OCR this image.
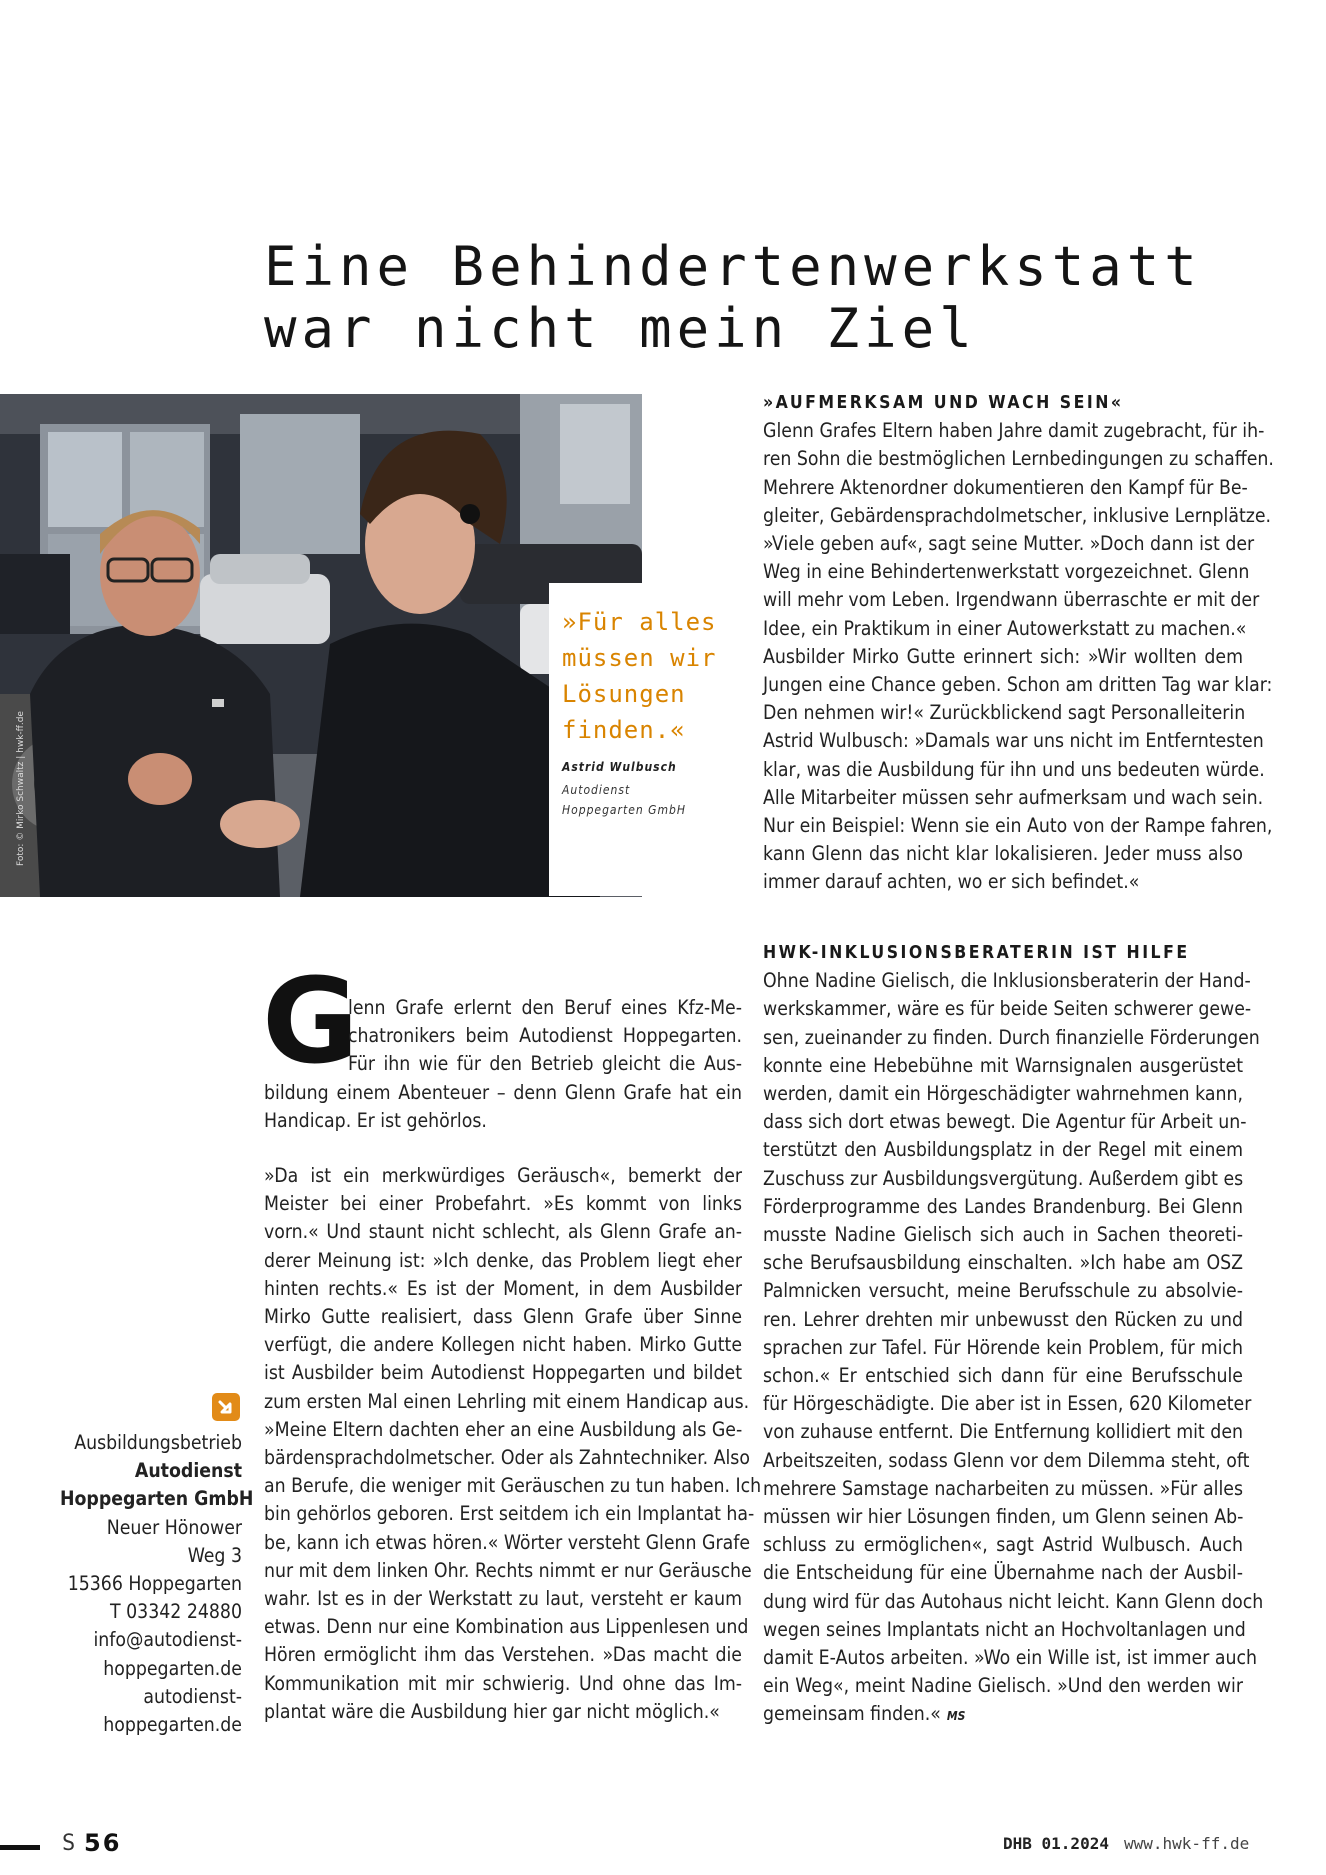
Eine Behindertenwerkstatt
war nicht mein Ziel
Foto: © Mirko Schwaltz | hwk-ff.de

»Für alles
müssen wir
Lösungen
finden.«

Astrid Wulbusch
Autodienst
Hoppegarten GmbH
»AUFMERKSAM UND WACH SEIN«
Glenn Grafes Eltern haben Jahre damit zugebracht, für ih-
ren Sohn die bestmöglichen Lernbedingungen zu schaffen.
Mehrere Aktenordner dokumentieren den Kampf für Be-
gleiter, Gebärdensprachdolmetscher, inklusive Lernplätze.
»Viele geben auf«, sagt seine Mutter. »Doch dann ist der
Weg in eine Behindertenwerkstatt vorgezeichnet. Glenn
will mehr vom Leben. Irgendwann überraschte er mit der
Idee, ein Praktikum in einer Autowerkstatt zu machen.«
Ausbilder Mirko Gutte erinnert sich: »Wir wollten dem
Jungen eine Chance geben. Schon am dritten Tag war klar:
Den nehmen wir!« Zurückblickend sagt Personalleiterin
Astrid Wulbusch: »Damals war uns nicht im Entferntesten
klar, was die Ausbildung für ihn und uns bedeuten würde.
Alle Mitarbeiter müssen sehr aufmerksam und wach sein.
Nur ein Beispiel: Wenn sie ein Auto von der Rampe fahren,
kann Glenn das nicht klar lokalisieren. Jeder muss also
immer darauf achten, wo er sich befindet.«
HWK-INKLUSIONSBERATERIN IST HILFE
Ohne Nadine Gielisch, die Inklusionsberaterin der Hand-
werkskammer, wäre es für beide Seiten schwerer gewe-
sen, zueinander zu finden. Durch finanzielle Förderungen
konnte eine Hebebühne mit Warnsignalen ausgerüstet
werden, damit ein Hörgeschädigter wahrnehmen kann,
dass sich dort etwas bewegt. Die Agentur für Arbeit un-
terstützt den Ausbildungsplatz in der Regel mit einem
Zuschuss zur Ausbildungsvergütung. Außerdem gibt es
Förderprogramme des Landes Brandenburg. Bei Glenn
musste Nadine Gielisch sich auch in Sachen theoreti-
sche Berufsausbildung einschalten. »Ich habe am OSZ
Palmnicken versucht, meine Berufsschule zu absolvie-
ren. Lehrer drehten mir unbewusst den Rücken zu und
sprachen zur Tafel. Für Hörende kein Problem, für mich
schon.« Er entschied sich dann für eine Berufsschule
für Hörgeschädigte. Die aber ist in Essen, 620 Kilometer
von zuhause entfernt. Die Entfernung kollidiert mit den
Arbeitszeiten, sodass Glenn vor dem Dilemma steht, oft
mehrere Samstage nacharbeiten zu müssen. »Für alles
müssen wir hier Lösungen finden, um Glenn seinen Ab-
schluss zu ermöglichen«, sagt Astrid Wulbusch. Auch
die Entscheidung für eine Übernahme nach der Ausbil-
dung wird für das Autohaus nicht leicht. Kann Glenn doch
wegen seines Implantats nicht an Hochvoltanlagen und
damit E-Autos arbeiten. »Wo ein Wille ist, ist immer auch
ein Weg«, meint Nadine Gielisch. »Und den werden wir
gemeinsam finden.« MS
G
lenn Grafe erlernt den Beruf eines Kfz-Me-
chatronikers beim Autodienst Hoppegarten.
Für ihn wie für den Betrieb gleicht die Aus-
bildung einem Abenteuer – denn Glenn Grafe hat ein
Handicap. Er ist gehörlos.
»Da ist ein merkwürdiges Geräusch«, bemerkt der
Meister bei einer Probefahrt. »Es kommt von links
vorn.« Und staunt nicht schlecht, als Glenn Grafe an-
derer Meinung ist: »Ich denke, das Problem liegt eher
hinten rechts.« Es ist der Moment, in dem Ausbilder
Mirko Gutte realisiert, dass Glenn Grafe über Sinne
verfügt, die andere Kollegen nicht haben. Mirko Gutte
ist Ausbilder beim Autodienst Hoppegarten und bildet
zum ersten Mal einen Lehrling mit einem Handicap aus.
»Meine Eltern dachten eher an eine Ausbildung als Ge-
bärdensprachdolmetscher. Oder als Zahntechniker. Also
an Berufe, die weniger mit Geräuschen zu tun haben. Ich
bin gehörlos geboren. Erst seitdem ich ein Implantat ha-
be, kann ich etwas hören.« Wörter versteht Glenn Grafe
nur mit dem linken Ohr. Rechts nimmt er nur Geräusche
wahr. Ist es in der Werkstatt zu laut, versteht er kaum
etwas. Denn nur eine Kombination aus Lippenlesen und
Hören ermöglicht ihm das Verstehen. »Das macht die
Kommunikation mit mir schwierig. Und ohne das Im-
plantat wäre die Ausbildung hier gar nicht möglich.«
Ausbildungsbetrieb
Autodienst
Hoppegarten GmbH
Neuer Hönower
Weg 3
15366 Hoppegarten
T 03342 24880
info@autodienst-
hoppegarten.de
autodienst-
hoppegarten.de
S 56	DHB 01.2024 www.hwk-ff.de
